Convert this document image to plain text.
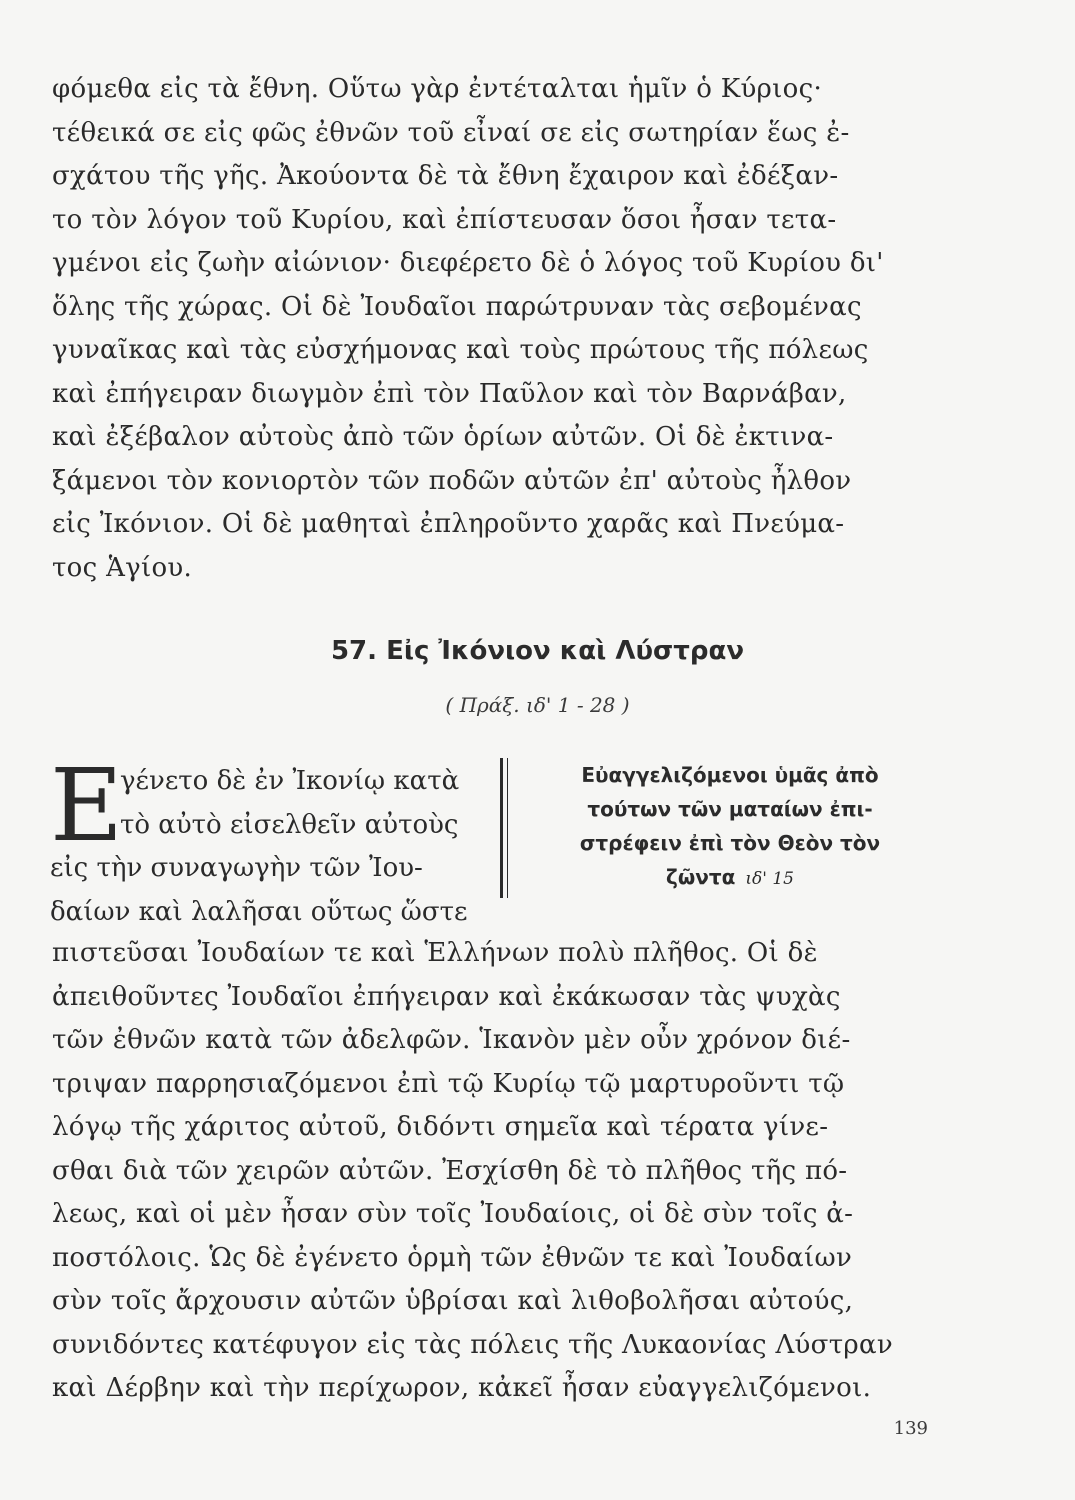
φόμεθα εἰς τὰ ἔθνη. Οὕτω γὰρ ἐντέταλται ἡμῖν ὁ Κύριος·
τέθεικά σε εἰς φῶς ἐθνῶν τοῦ εἶναί σε εἰς σωτηρίαν ἕως ἐ-
σχάτου τῆς γῆς. Ἀκούοντα δὲ τὰ ἔθνη ἔχαιρον καὶ ἐδέξαν-
το τὸν λόγον τοῦ Κυρίου, καὶ ἐπίστευσαν ὅσοι ἦσαν τετα-
γμένοι εἰς ζωὴν αἰώνιον· διεφέρετο δὲ ὁ λόγος τοῦ Κυρίου δι'
ὅλης τῆς χώρας. Οἱ δὲ Ἰουδαῖοι παρώτρυναν τὰς σεβομένας
γυναῖκας καὶ τὰς εὐσχήμονας καὶ τοὺς πρώτους τῆς πόλεως
καὶ ἐπήγειραν διωγμὸν ἐπὶ τὸν Παῦλον καὶ τὸν Βαρνάβαν,
καὶ ἐξέβαλον αὐτοὺς ἀπὸ τῶν ὁρίων αὐτῶν. Οἱ δὲ ἐκτινα-
ξάμενοι τὸν κονιορτὸν τῶν ποδῶν αὐτῶν ἐπ' αὐτοὺς ἦλθον
εἰς Ἰκόνιον. Οἱ δὲ μαθηταὶ ἐπληροῦντο χαρᾶς καὶ Πνεύμα-
τος Ἁγίου.
57. Εἰς Ἰκόνιον καὶ Λύστραν
( Πράξ. ιδ' 1 - 28 )
Ε
γένετο δὲ ἐν Ἰκονίῳ κατὰ
τὸ αὐτὸ εἰσελθεῖν αὐτοὺς
εἰς τὴν συναγωγὴν τῶν Ἰου-
δαίων καὶ λαλῆσαι οὕτως ὥστε
Εὐαγγελιζόμενοι ὑμᾶς ἀπὸ
τούτων τῶν ματαίων ἐπι-
στρέφειν ἐπὶ τὸν Θεὸν τὸν
ζῶντα ιδ' 15
πιστεῦσαι Ἰουδαίων τε καὶ Ἑλλήνων πολὺ πλῆθος. Οἱ δὲ
ἀπειθοῦντες Ἰουδαῖοι ἐπήγειραν καὶ ἐκάκωσαν τὰς ψυχὰς
τῶν ἐθνῶν κατὰ τῶν ἀδελφῶν. Ἱκανὸν μὲν οὖν χρόνον διέ-
τριψαν παρρησιαζόμενοι ἐπὶ τῷ Κυρίῳ τῷ μαρτυροῦντι τῷ
λόγῳ τῆς χάριτος αὐτοῦ, διδόντι σημεῖα καὶ τέρατα γίνε-
σθαι διὰ τῶν χειρῶν αὐτῶν. Ἐσχίσθη δὲ τὸ πλῆθος τῆς πό-
λεως, καὶ οἱ μὲν ἦσαν σὺν τοῖς Ἰουδαίοις, οἱ δὲ σὺν τοῖς ἀ-
ποστόλοις. Ὡς δὲ ἐγένετο ὁρμὴ τῶν ἐθνῶν τε καὶ Ἰουδαίων
σὺν τοῖς ἄρχουσιν αὐτῶν ὑβρίσαι καὶ λιθοβολῆσαι αὐτούς,
συνιδόντες κατέφυγον εἰς τὰς πόλεις τῆς Λυκαονίας Λύστραν
καὶ Δέρβην καὶ τὴν περίχωρον, κἀκεῖ ἦσαν εὐαγγελιζόμενοι.
139
